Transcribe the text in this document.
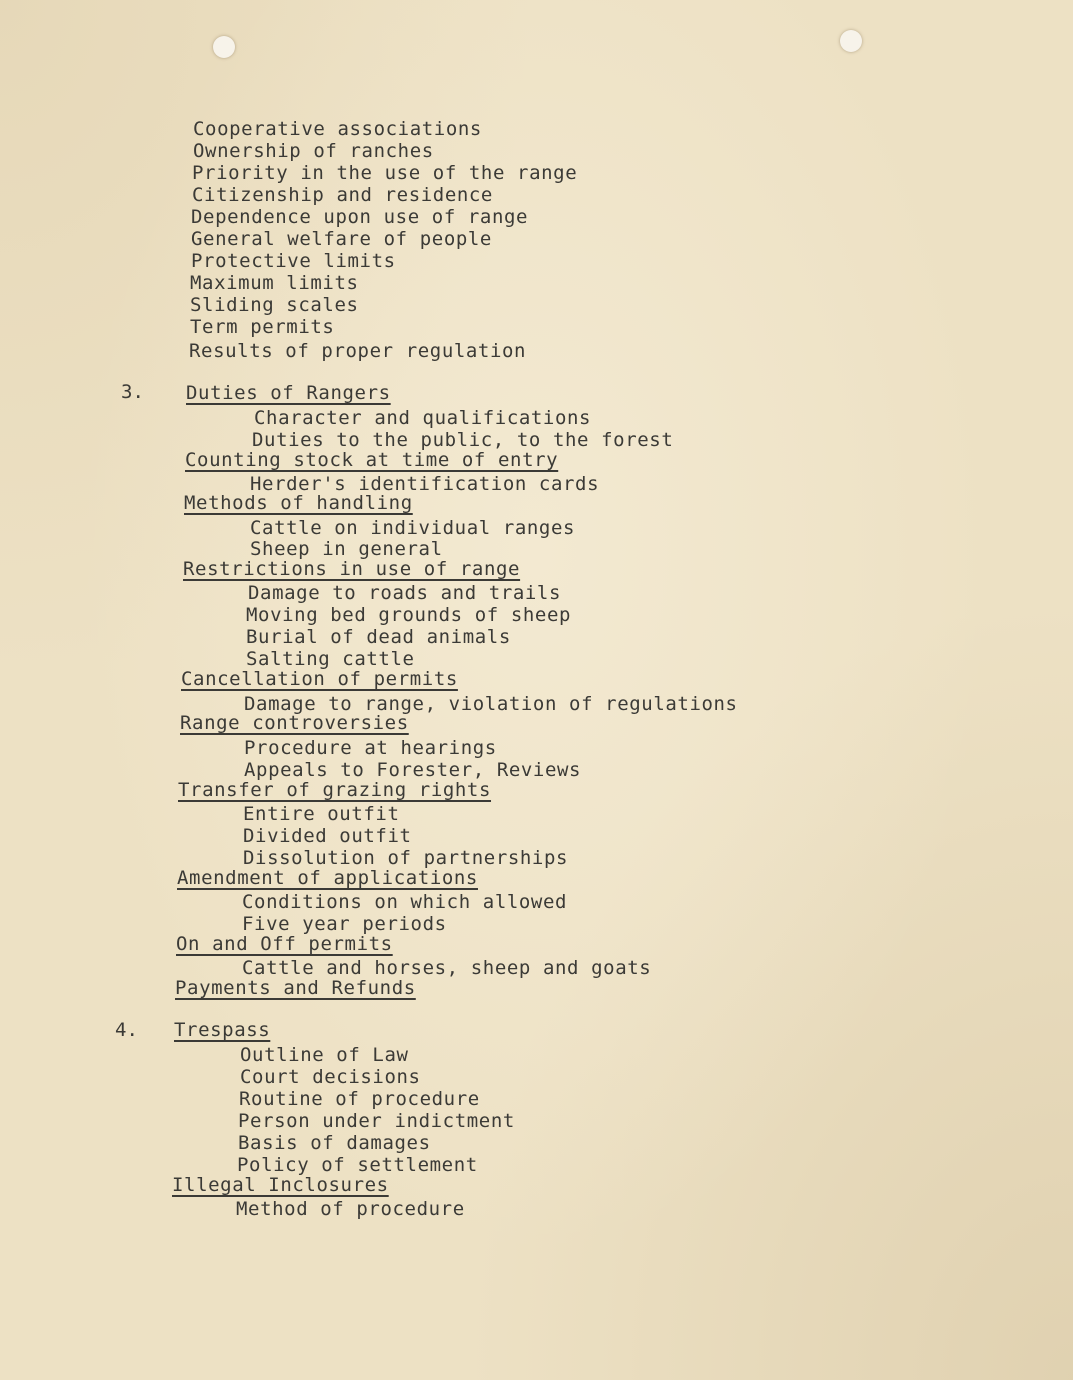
Cooperative associations
Ownership of ranches
Priority in the use of the range
Citizenship and residence
Dependence upon use of range
General welfare of people
Protective limits
Maximum limits
Sliding scales
Term permits
Results of proper regulation
3. Duties of Rangers
Character and qualifications
Duties to the public, to the forest
Counting stock at time of entry
Herder's identification cards
Methods of handling
Cattle on individual ranges
Sheep in general
Restrictions in use of range
Damage to roads and trails
Moving bed grounds of sheep
Burial of dead animals
Salting cattle
Cancellation of permits
Damage to range, violation of regulations
Range controversies
Procedure at hearings
Appeals to Forester, Reviews
Transfer of grazing rights
Entire outfit
Divided outfit
Dissolution of partnerships
Amendment of applications
Conditions on which allowed
Five year periods
On and Off permits
Cattle and horses, sheep and goats
Payments and Refunds
4. Trespass
Outline of Law
Court decisions
Routine of procedure
Person under indictment
Basis of damages
Policy of settlement
Illegal Inclosures
Method of procedure
